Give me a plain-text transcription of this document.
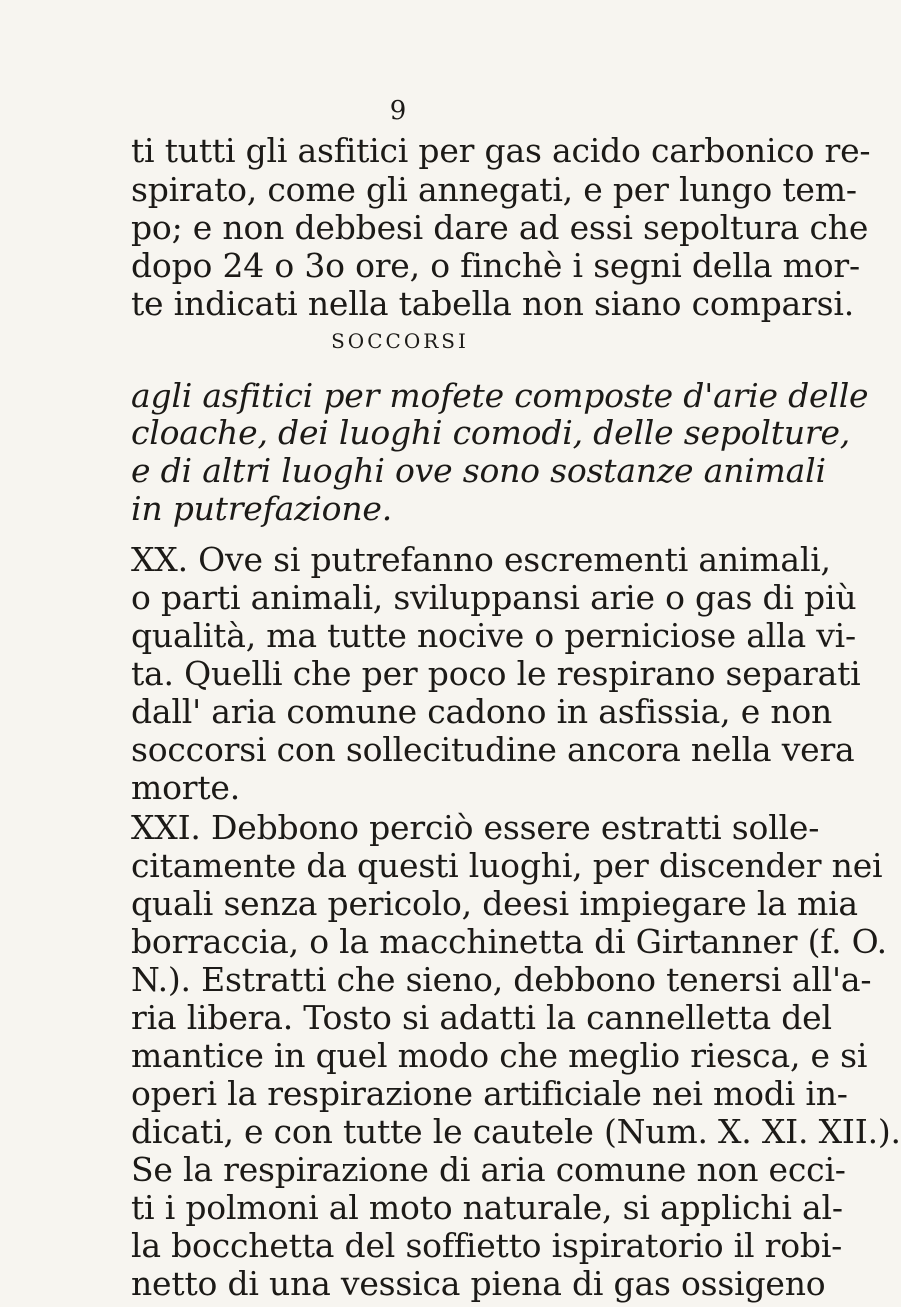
9
ti tutti gli asfitici per gas acido carbonico re-
spirato, come gli annegati, e per lungo tem-
po; e non debbesi dare ad essi sepoltura che
dopo 24 o 3o ore, o finchè i segni della mor-
te indicati nella tabella non siano comparsi.
SOCCORSI
agli asfitici per mofete composte d'arie delle
cloache, dei luoghi comodi, delle sepolture,
e di altri luoghi ove sono sostanze animali
in putrefazione.
XX. Ove si putrefanno escrementi animali,
o parti animali, sviluppansi arie o gas di più
qualità, ma tutte nocive o perniciose alla vi-
ta. Quelli che per poco le respirano separati
dall' aria comune cadono in asfissia, e non
soccorsi con sollecitudine ancora nella vera
morte.
XXI. Debbono perciò essere estratti solle-
citamente da questi luoghi, per discender nei
quali senza pericolo, deesi impiegare la mia
borraccia, o la macchinetta di Girtanner (f. O.
N.). Estratti che sieno, debbono tenersi all'a-
ria libera. Tosto si adatti la cannelletta del
mantice in quel modo che meglio riesca, e si
operi la respirazione artificiale nei modi in-
dicati, e con tutte le cautele (Num. X. XI. XII.).
Se la respirazione di aria comune non ecci-
ti i polmoni al moto naturale, si applichi al-
la bocchetta del soffietto ispiratorio il robi-
netto di una vessica piena di gas ossigeno
